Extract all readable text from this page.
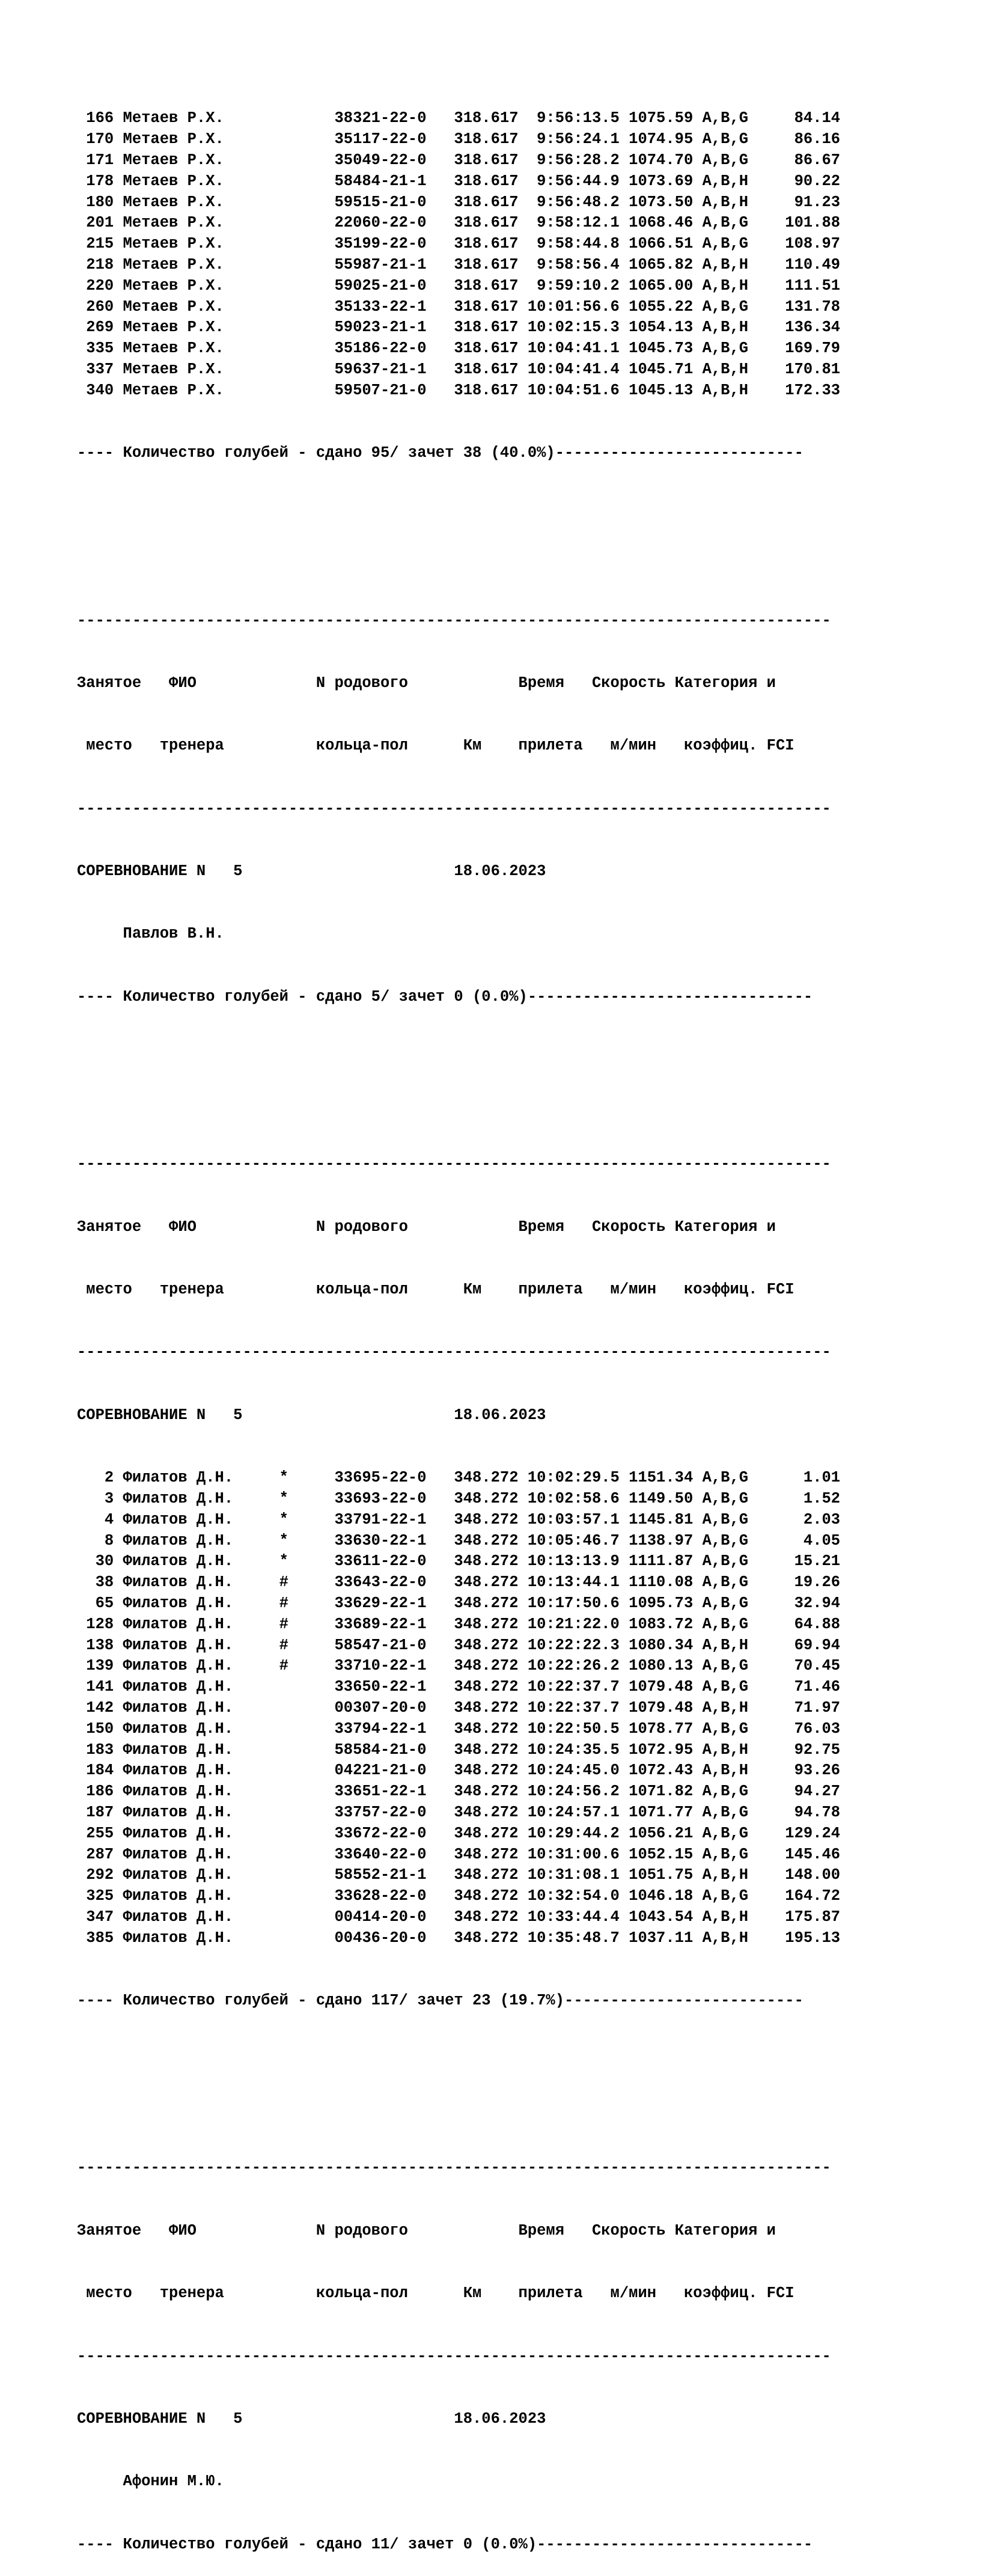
166 Метаев Р.Х.            38321-22-0   318.617  9:56:13.5 1075.59 A,B,G     84.14
170 Метаев Р.Х.            35117-22-0   318.617  9:56:24.1 1074.95 A,B,G     86.16
171 Метаев Р.Х.            35049-22-0   318.617  9:56:28.2 1074.70 A,B,G     86.67
178 Метаев Р.Х.            58484-21-1   318.617  9:56:44.9 1073.69 A,B,H     90.22
180 Метаев Р.Х.            59515-21-0   318.617  9:56:48.2 1073.50 A,B,H     91.23
201 Метаев Р.Х.            22060-22-0   318.617  9:58:12.1 1068.46 A,B,G    101.88
215 Метаев Р.Х.            35199-22-0   318.617  9:58:44.8 1066.51 A,B,G    108.97
218 Метаев Р.Х.            55987-21-1   318.617  9:58:56.4 1065.82 A,B,H    110.49
220 Метаев Р.Х.            59025-21-0   318.617  9:59:10.2 1065.00 A,B,H    111.51
260 Метаев Р.Х.            35133-22-1   318.617 10:01:56.6 1055.22 A,B,G    131.78
269 Метаев Р.Х.            59023-21-1   318.617 10:02:15.3 1054.13 A,B,H    136.34
335 Метаев Р.Х.            35186-22-0   318.617 10:04:41.1 1045.73 A,B,G    169.79
337 Метаев Р.Х.            59637-21-1   318.617 10:04:41.4 1045.71 A,B,H    170.81
340 Метаев Р.Х.            59507-21-0   318.617 10:04:51.6 1045.13 A,B,H    172.33

---- Количество голубей - сдано 95/ зачет 38 (40.0%)---------------------------

----------------------------------------------------------------------------------

Занятое   ФИО             N родового            Время   Скорость Категория и

место   тренера          кольца-пол      Км    прилета   м/мин   коэффиц. FCI

----------------------------------------------------------------------------------

СОРЕВНОВАНИЕ N   5                       18.06.2023

Павлов В.Н.

---- Количество голубей - сдано 5/ зачет 0 (0.0%)-------------------------------

----------------------------------------------------------------------------------

Занятое   ФИО             N родового            Время   Скорость Категория и

место   тренера          кольца-пол      Км    прилета   м/мин   коэффиц. FCI

----------------------------------------------------------------------------------

СОРЕВНОВАНИЕ N   5                       18.06.2023

2 Филатов Д.Н.     *     33695-22-0   348.272 10:02:29.5 1151.34 A,B,G      1.01
3 Филатов Д.Н.     *     33693-22-0   348.272 10:02:58.6 1149.50 A,B,G      1.52
4 Филатов Д.Н.     *     33791-22-1   348.272 10:03:57.1 1145.81 A,B,G      2.03
8 Филатов Д.Н.     *     33630-22-1   348.272 10:05:46.7 1138.97 A,B,G      4.05
30 Филатов Д.Н.     *     33611-22-0   348.272 10:13:13.9 1111.87 A,B,G     15.21
38 Филатов Д.Н.     #     33643-22-0   348.272 10:13:44.1 1110.08 A,B,G     19.26
65 Филатов Д.Н.     #     33629-22-1   348.272 10:17:50.6 1095.73 A,B,G     32.94
128 Филатов Д.Н.     #     33689-22-1   348.272 10:21:22.0 1083.72 A,B,G     64.88
138 Филатов Д.Н.     #     58547-21-0   348.272 10:22:22.3 1080.34 A,B,H     69.94
139 Филатов Д.Н.     #     33710-22-1   348.272 10:22:26.2 1080.13 A,B,G     70.45
141 Филатов Д.Н.           33650-22-1   348.272 10:22:37.7 1079.48 A,B,G     71.46
142 Филатов Д.Н.           00307-20-0   348.272 10:22:37.7 1079.48 A,B,H     71.97
150 Филатов Д.Н.           33794-22-1   348.272 10:22:50.5 1078.77 A,B,G     76.03
183 Филатов Д.Н.           58584-21-0   348.272 10:24:35.5 1072.95 A,B,H     92.75
184 Филатов Д.Н.           04221-21-0   348.272 10:24:45.0 1072.43 A,B,H     93.26
186 Филатов Д.Н.           33651-22-1   348.272 10:24:56.2 1071.82 A,B,G     94.27
187 Филатов Д.Н.           33757-22-0   348.272 10:24:57.1 1071.77 A,B,G     94.78
255 Филатов Д.Н.           33672-22-0   348.272 10:29:44.2 1056.21 A,B,G    129.24
287 Филатов Д.Н.           33640-22-0   348.272 10:31:00.6 1052.15 A,B,G    145.46
292 Филатов Д.Н.           58552-21-1   348.272 10:31:08.1 1051.75 A,B,H    148.00
325 Филатов Д.Н.           33628-22-0   348.272 10:32:54.0 1046.18 A,B,G    164.72
347 Филатов Д.Н.           00414-20-0   348.272 10:33:44.4 1043.54 A,B,H    175.87
385 Филатов Д.Н.           00436-20-0   348.272 10:35:48.7 1037.11 A,B,H    195.13

---- Количество голубей - сдано 117/ зачет 23 (19.7%)--------------------------

----------------------------------------------------------------------------------

Занятое   ФИО             N родового            Время   Скорость Категория и

место   тренера          кольца-пол      Км    прилета   м/мин   коэффиц. FCI

----------------------------------------------------------------------------------

СОРЕВНОВАНИЕ N   5                       18.06.2023

Афонин М.Ю.

---- Количество голубей - сдано 11/ зачет 0 (0.0%)------------------------------
